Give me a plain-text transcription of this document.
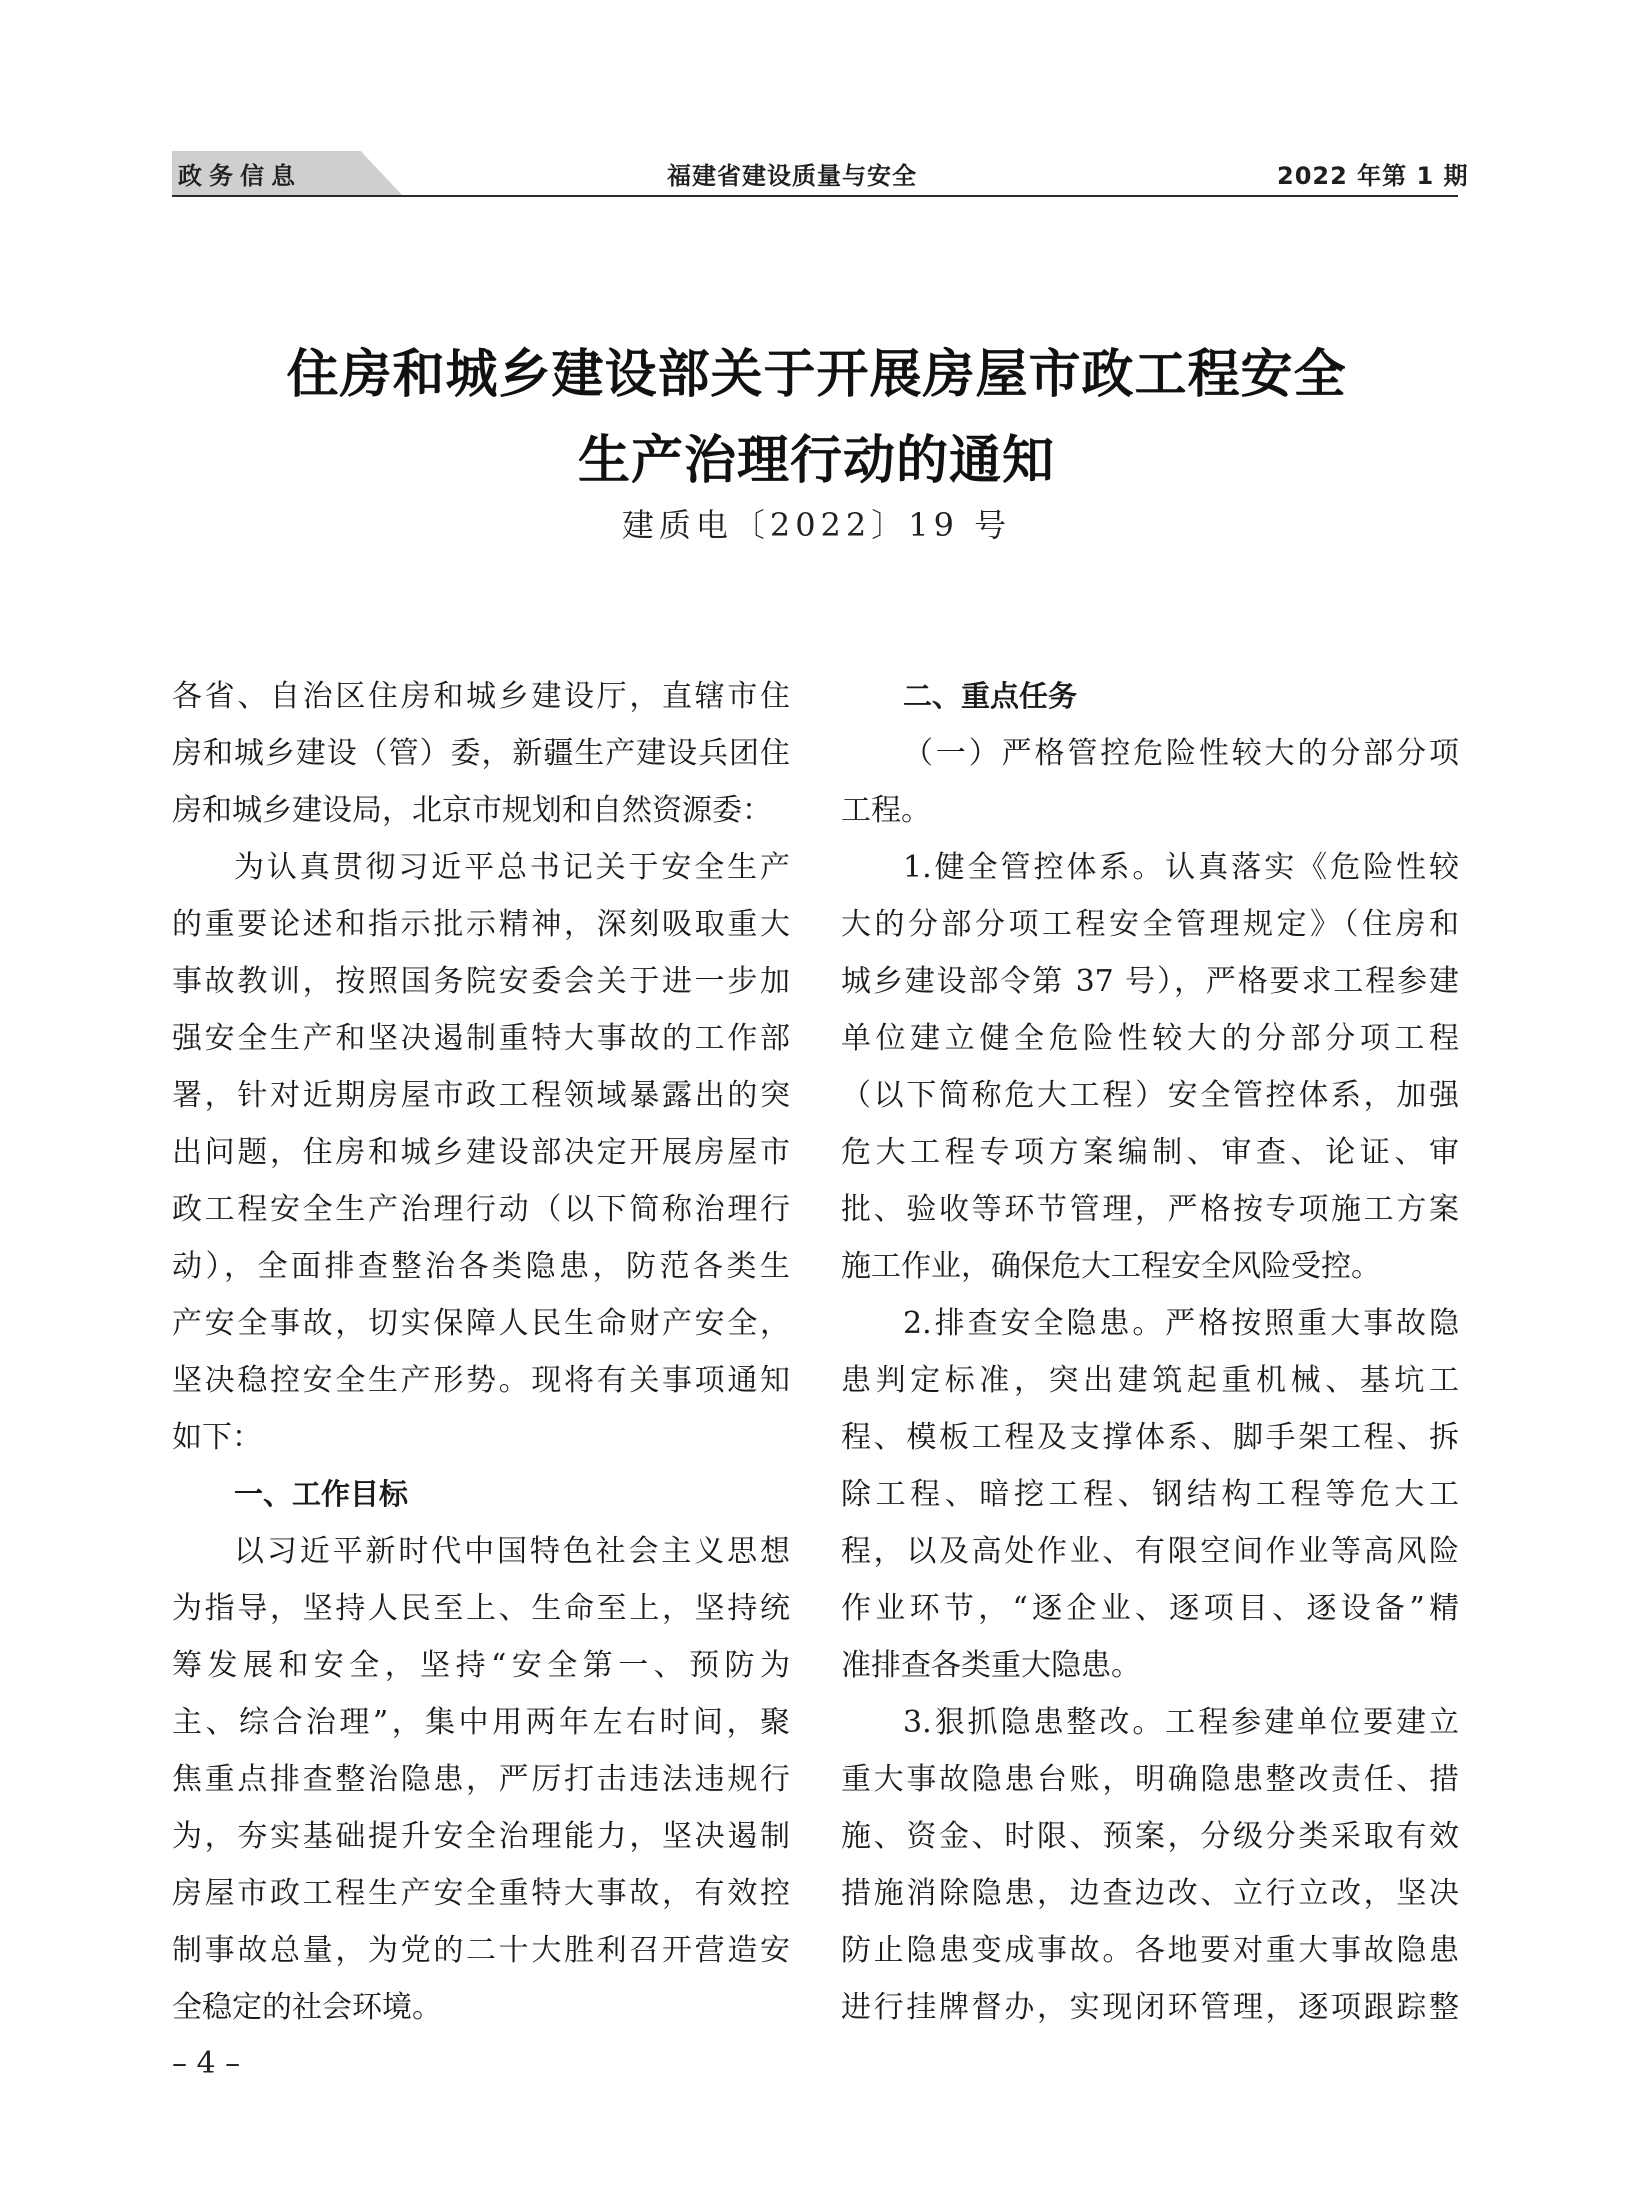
政务信息	福建省建设质量与安全	2022 年第 1 期
住房和城乡建设部关于开展房屋市政工程安全
生产治理行动的通知
建质电〔2022〕19 号
各省、自治区住房和城乡建设厅，直辖市住
房和城乡建设（管）委，新疆生产建设兵团住
房和城乡建设局，北京市规划和自然资源委：
为认真贯彻习近平总书记关于安全生产
的重要论述和指示批示精神，深刻吸取重大
事故教训，按照国务院安委会关于进一步加
强安全生产和坚决遏制重特大事故的工作部
署，针对近期房屋市政工程领域暴露出的突
出问题，住房和城乡建设部决定开展房屋市
政工程安全生产治理行动（以下简称治理行
动），全面排查整治各类隐患，防范各类生
产安全事故，切实保障人民生命财产安全，
坚决稳控安全生产形势。现将有关事项通知
如下：
一、工作目标
以习近平新时代中国特色社会主义思想
为指导，坚持人民至上、生命至上，坚持统
筹发展和安全，坚持“安全第一、预防为
主、综合治理”，集中用两年左右时间，聚
焦重点排查整治隐患，严厉打击违法违规行
为，夯实基础提升安全治理能力，坚决遏制
房屋市政工程生产安全重特大事故，有效控
制事故总量，为党的二十大胜利召开营造安
全稳定的社会环境。
二、重点任务
（一）严格管控危险性较大的分部分项
工程。
1.健全管控体系。认真落实《危险性较
大的分部分项工程安全管理规定》（住房和
城乡建设部令第 37 号），严格要求工程参建
单位建立健全危险性较大的分部分项工程
（以下简称危大工程）安全管控体系，加强
危大工程专项方案编制、审查、论证、审
批、验收等环节管理，严格按专项施工方案
施工作业，确保危大工程安全风险受控。
2.排查安全隐患。严格按照重大事故隐
患判定标准，突出建筑起重机械、基坑工
程、模板工程及支撑体系、脚手架工程、拆
除工程、暗挖工程、钢结构工程等危大工
程，以及高处作业、有限空间作业等高风险
作业环节，“逐企业、逐项目、逐设备”精
准排查各类重大隐患。
3.狠抓隐患整改。工程参建单位要建立
重大事故隐患台账，明确隐患整改责任、措
施、资金、时限、预案，分级分类采取有效
措施消除隐患，边查边改、立行立改，坚决
防止隐患变成事故。各地要对重大事故隐患
进行挂牌督办，实现闭环管理，逐项跟踪整
– 4 –
